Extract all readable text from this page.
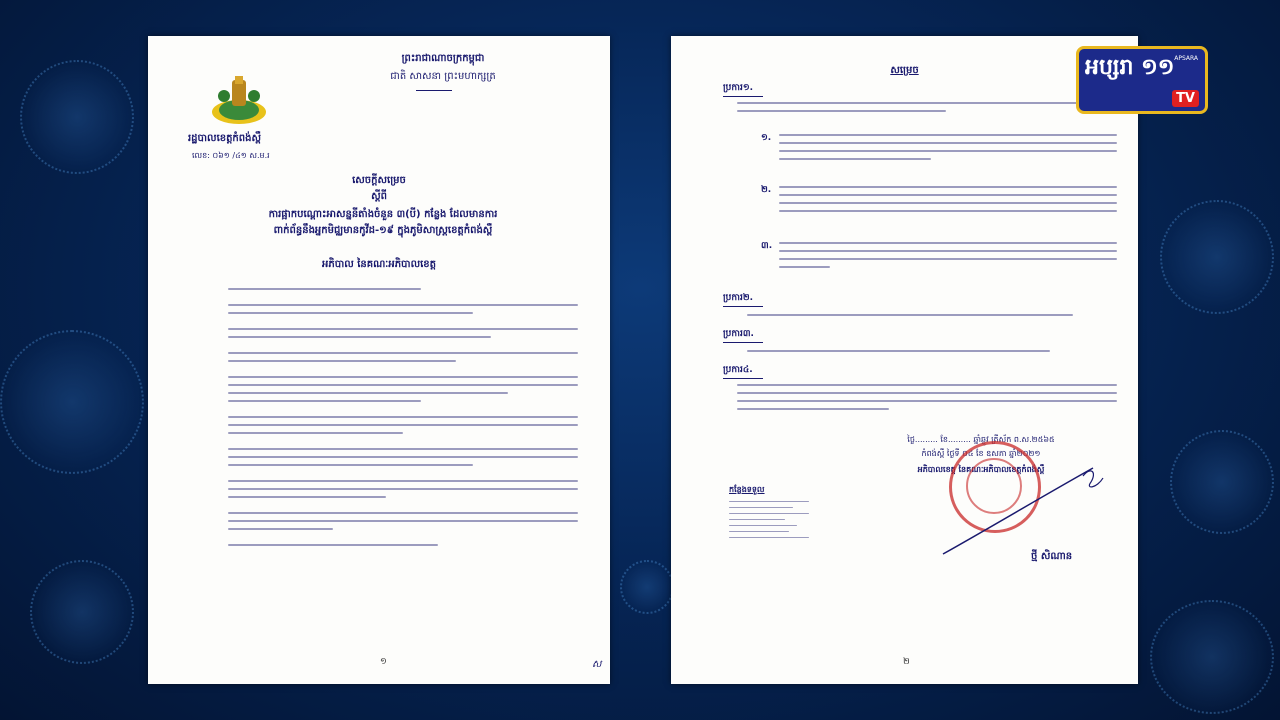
ព្រះរាជាណាចក្រកម្ពុជា
ជាតិ សាសនា ព្រះមហាក្សត្រ
រដ្ឋបាលខេត្តកំពង់ស្ពឺ
លេខ: ០៦១ /៤១ ស.ម.រ
សេចក្តីសម្រេច
ស្តីពី
ការផ្អាកបណ្តោះអាសន្ននីតាំងចំនួន ៣(បី) កន្លែង ដែលមានការ
ពាក់ព័ន្ធនឹងអ្នកមិជ្ឈមានកូវីដ-១៩ ក្នុងភូមិសាស្ត្រខេត្តកំពង់ស្ពឺ
អភិបាល នៃគណៈអភិបាលខេត្ត
១	ស
សម្រេច
ប្រការ១.
១.
២.
៣.
ប្រការ២.
ប្រការ៣.
ប្រការ៤.
ថ្ងៃ......... ខែ......... ឆ្នាំឆ្លូវ ត្រីស័ក ព.ស.២៥៦៥
កំពង់ស្ពឺ ថ្ងៃទី ០៤ ខែ ឧសភា ឆ្នាំ២០២១
អភិបាលខេត្ត នៃគណៈអភិបាលខេត្តកំពង់ស្ពឺ
កន្លែងទទួល
ថ្មី សិណាន
២
អប្សរា ១១ APSARA
TV
